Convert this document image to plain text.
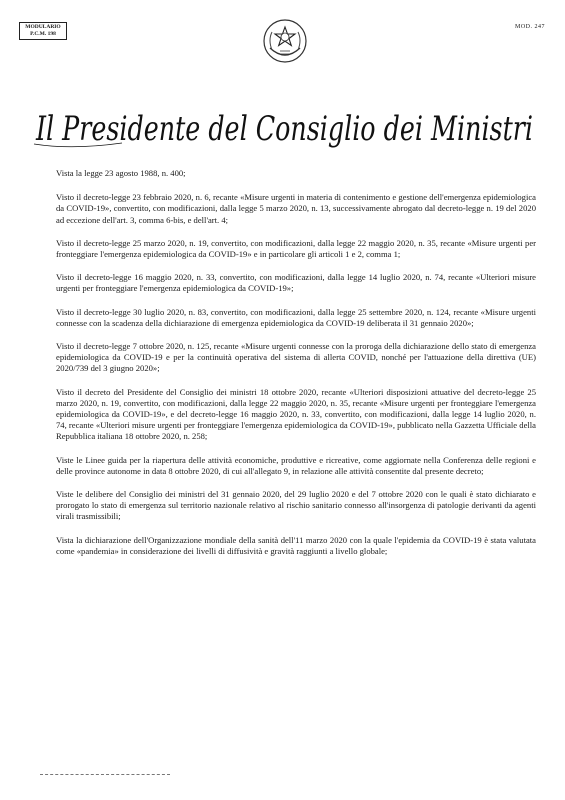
MODULARIO
P.C.M. 198
MOD. 247
Il Presidente del Consiglio dei Ministri

Vista la legge 23 agosto 1988, n. 400;

Visto il decreto-legge 23 febbraio 2020, n. 6, recante «Misure urgenti in materia di contenimento e gestione dell'emergenza epidemiologica da COVID-19», convertito, con modificazioni, dalla legge 5 marzo 2020, n. 13, successivamente abrogato dal decreto-legge n. 19 del 2020 ad eccezione dell'art. 3, comma 6-bis, e dell'art. 4;

Visto il decreto-legge 25 marzo 2020, n. 19, convertito, con modificazioni, dalla legge 22 maggio 2020, n. 35, recante «Misure urgenti per fronteggiare l'emergenza epidemiologica da COVID-19» e in particolare gli articoli 1 e 2, comma 1;

Visto il decreto-legge 16 maggio 2020, n. 33, convertito, con modificazioni, dalla legge 14 luglio 2020, n. 74, recante «Ulteriori misure urgenti per fronteggiare l'emergenza epidemiologica da COVID-19»;

Visto il decreto-legge 30 luglio 2020, n. 83, convertito, con modificazioni, dalla legge 25 settembre 2020, n. 124, recante «Misure urgenti connesse con la scadenza della dichiarazione di emergenza epidemiologica da COVID-19 deliberata il 31 gennaio 2020»;

Visto il decreto-legge 7 ottobre 2020, n. 125, recante «Misure urgenti connesse con la proroga della dichiarazione dello stato di emergenza epidemiologica da COVID-19 e per la continuità operativa del sistema di allerta COVID, nonché per l'attuazione della direttiva (UE) 2020/739 del 3 giugno 2020»;

Visto il decreto del Presidente del Consiglio dei ministri 18 ottobre 2020, recante «Ulteriori disposizioni attuative del decreto-legge 25 marzo 2020, n. 19, convertito, con modificazioni, dalla legge 22 maggio 2020, n. 35, recante «Misure urgenti per fronteggiare l'emergenza epidemiologica da COVID-19», e del decreto-legge 16 maggio 2020, n. 33, convertito, con modificazioni, dalla legge 14 luglio 2020, n. 74, recante «Ulteriori misure urgenti per fronteggiare l'emergenza epidemiologica da COVID-19», pubblicato nella Gazzetta Ufficiale della Repubblica italiana 18 ottobre 2020, n. 258;

Viste le Linee guida per la riapertura delle attività economiche, produttive e ricreative, come aggiornate nella Conferenza delle regioni e delle province autonome in data 8 ottobre 2020, di cui all'allegato 9, in relazione alle attività consentite dal presente decreto;

Viste le delibere del Consiglio dei ministri del 31 gennaio 2020, del 29 luglio 2020 e del 7 ottobre 2020 con le quali è stato dichiarato e prorogato lo stato di emergenza sul territorio nazionale relativo al rischio sanitario connesso all'insorgenza di patologie derivanti da agenti virali trasmissibili;

Vista la dichiarazione dell'Organizzazione mondiale della sanità dell'11 marzo 2020 con la quale l'epidemia da COVID-19 è stata valutata come «pandemia» in considerazione dei livelli di diffusività e gravità raggiunti a livello globale;
